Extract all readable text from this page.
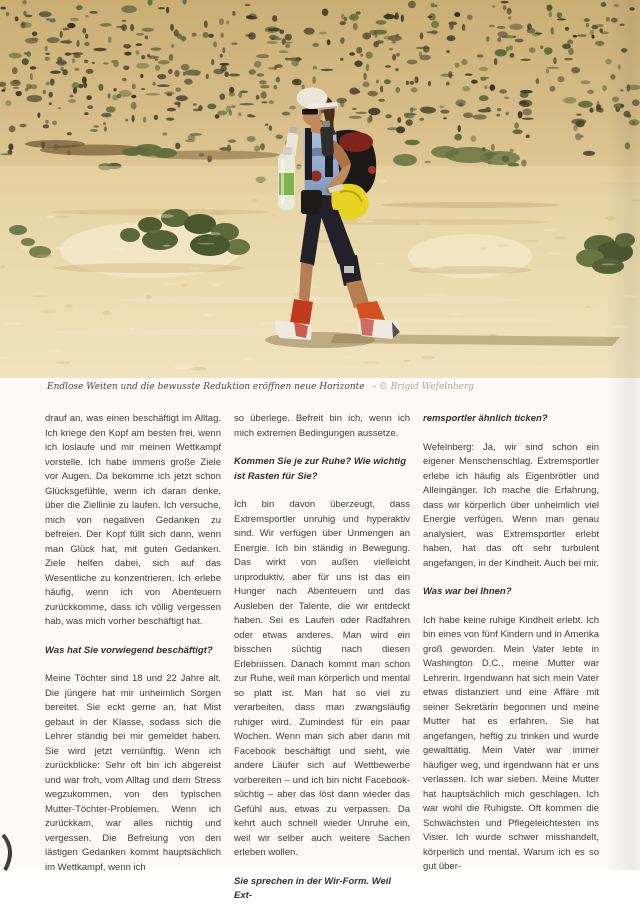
Endlose Weiten und die bewusste Reduktion eröffnen neue Horizonte – © Brigid Wefelnberg

drauf an, was einen beschäftigt im Alltag. Ich kriege den Kopf am besten frei, wenn ich loslaufe und mir meinen Wettkampf vorstelle. Ich habe immens große Ziele vor Augen. Da bekomme ich jetzt schon Glücksgefühle, wenn ich daran denke, über die Ziellinie zu laufen. Ich versuche, mich von negativen Gedanken zu befreien. Der Kopf füllt sich dann, wenn man Glück hat, mit guten Gedanken. Ziele helfen dabei, sich auf das Wesentliche zu konzentrieren. Ich erlebe häufig, wenn ich von Abenteuern zurückkomme, dass ich völlig vergessen hab, was mich vorher beschäftigt hat.

Was hat Sie vorwiegend beschäftigt?

Meine Töchter sind 18 und 22 Jahre alt. Die jüngere hat mir unheimlich Sorgen bereitet. Sie eckt gerne an, hat Mist gebaut in der Klasse, sodass sich die Lehrer ständig bei mir gemeldet haben. Sie wird jetzt vernünftig. Wenn ich zurückblicke: Sehr oft bin ich abgereist und war froh, vom Alltag und dem Stress wegzukommen, von den typischen Mutter-Töchter-Problemen. Wenn ich zurückkam, war alles nichtig und vergessen. Die Befreiung von den lästigen Gedanken kommt hauptsächlich im Wettkampf, wenn ich

so überlege. Befreit bin ich, wenn ich mich extremen Bedingungen aussetze.

Kommen Sie je zur Ruhe? Wie wichtig ist Rasten für Sie?

Ich bin davon überzeugt, dass Extremsportler unruhig und hyperaktiv sind. Wir verfügen über Unmengen an Energie. Ich bin ständig in Bewegung. Das wirkt von außen vielleicht unproduktiv, aber für uns ist das ein Hunger nach Abenteuern und das Ausleben der Talente, die wir entdeckt haben. Sei es Laufen oder Radfahren oder etwas anderes. Man wird ein bisschen süchtig nach diesen Erlebnissen. Danach kommt man schon zur Ruhe, weil man körperlich und mental so platt ist. Man hat so viel zu verarbeiten, dass man zwangsläufig ruhiger wird. Zumindest für ein paar Wochen. Wenn man sich aber dann mit Facebook beschäftigt und sieht, wie andere Läufer sich auf Wettbewerbe vorbereiten – und ich bin nicht Facebook-süchtig – aber das löst dann wieder das Gefühl aus, etwas zu verpassen. Da kehrt auch schnell wieder Unruhe ein, weil wir selber auch weitere Sachen erleben wollen.

Sie sprechen in der Wir-Form. Weil Ext-
remsportler ähnlich ticken?

Wefelnberg: Ja, wir sind schon ein eigener Menschenschlag. Extremsportler erlebe ich häufig als Eigenbrötler und Alleingänger. Ich mache die Erfahrung, dass wir körperlich über unheimlich viel Energie verfügen. Wenn man genau analysiert, was Extremsportler erlebt haben, hat das oft sehr turbulent angefangen, in der Kindheit. Auch bei mir.

Was war bei Ihnen?

Ich habe keine ruhige Kindheit erlebt. Ich bin eines von fünf Kindern und in Amerika groß geworden. Mein Vater lebte in Washington D.C., meine Mutter war Lehrerin. Irgendwann hat sich mein Vater etwas distanziert und eine Affäre mit seiner Sekretärin begonnen und meine Mutter hat es erfahren. Sie hat angefangen, heftig zu trinken und wurde gewalttätig. Mein Vater war immer häufiger weg, und irgendwann hat er uns verlassen. Ich war sieben. Meine Mutter hat hauptsächlich mich geschlagen. Ich war wohl die Ruhigste. Oft kommen die Schwächsten und Pflegeleichtesten ins Visier. Ich wurde schwer misshandelt, körperlich und mental. Warum ich es so gut über-
